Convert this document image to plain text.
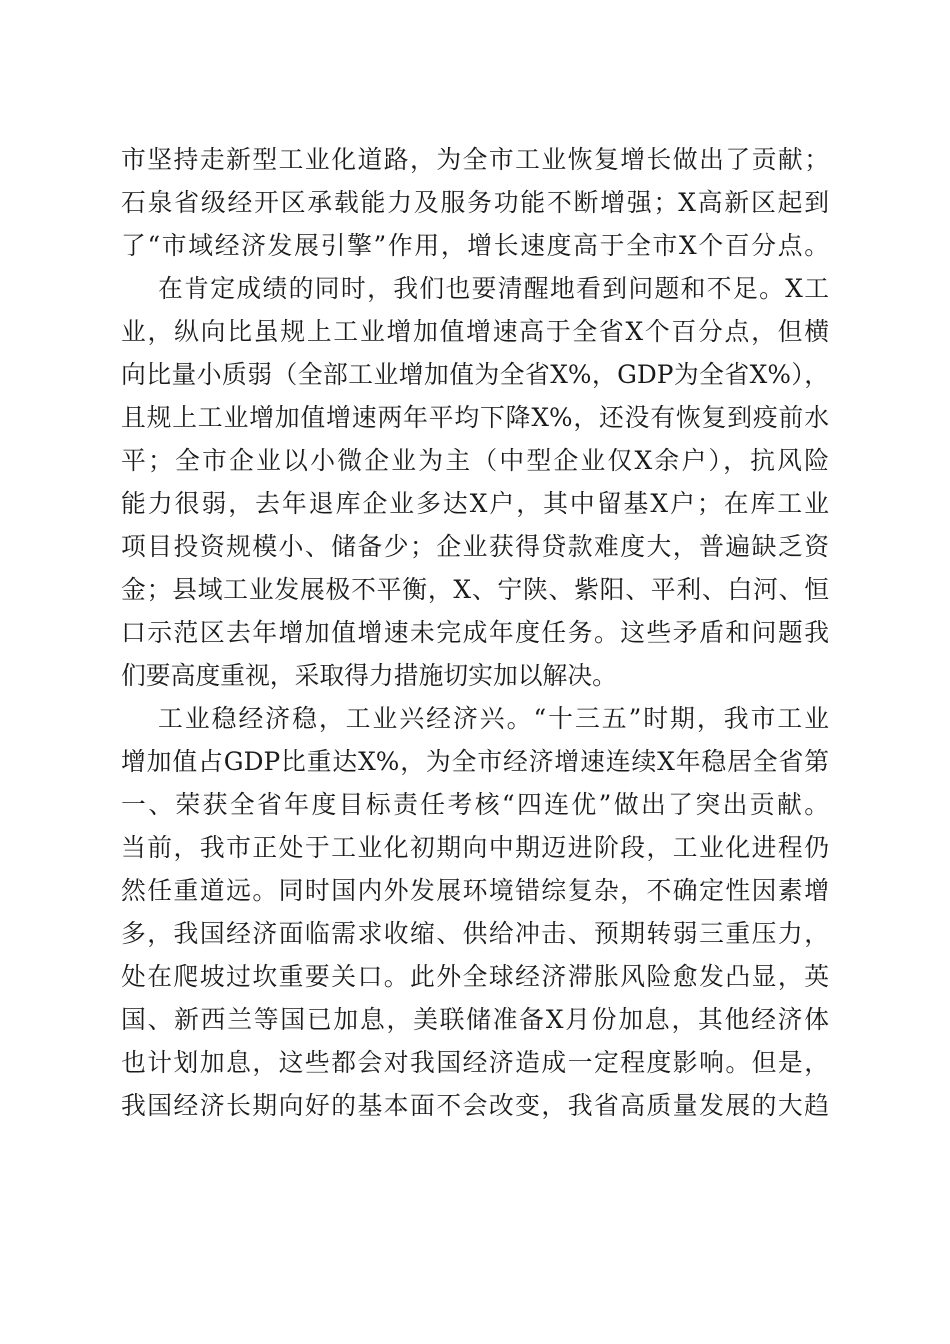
市坚持走新型工业化道路，为全市工业恢复增长做出了贡献；
石泉省级经开区承载能力及服务功能不断增强；X高新区起到
了“市域经济发展引擎”作用，增长速度高于全市X个百分点。
在肯定成绩的同时，我们也要清醒地看到问题和不足。X工
业，纵向比虽规上工业增加值增速高于全省X个百分点，但横
向比量小质弱（全部工业增加值为全省X%，GDP为全省X%），
且规上工业增加值增速两年平均下降X%，还没有恢复到疫前水
平；全市企业以小微企业为主（中型企业仅X余户），抗风险
能力很弱，去年退库企业多达X户，其中留基X户；在库工业
项目投资规模小、储备少；企业获得贷款难度大，普遍缺乏资
金；县域工业发展极不平衡，X、宁陕、紫阳、平利、白河、恒
口示范区去年增加值增速未完成年度任务。这些矛盾和问题我
们要高度重视，采取得力措施切实加以解决。
工业稳经济稳，工业兴经济兴。“十三五”时期，我市工业
增加值占GDP比重达X%，为全市经济增速连续X年稳居全省第
一、荣获全省年度目标责任考核“四连优”做出了突出贡献。
当前，我市正处于工业化初期向中期迈进阶段，工业化进程仍
然任重道远。同时国内外发展环境错综复杂，不确定性因素增
多，我国经济面临需求收缩、供给冲击、预期转弱三重压力，
处在爬坡过坎重要关口。此外全球经济滞胀风险愈发凸显，英
国、新西兰等国已加息，美联储准备X月份加息，其他经济体
也计划加息，这些都会对我国经济造成一定程度影响。但是，
我国经济长期向好的基本面不会改变，我省高质量发展的大趋
